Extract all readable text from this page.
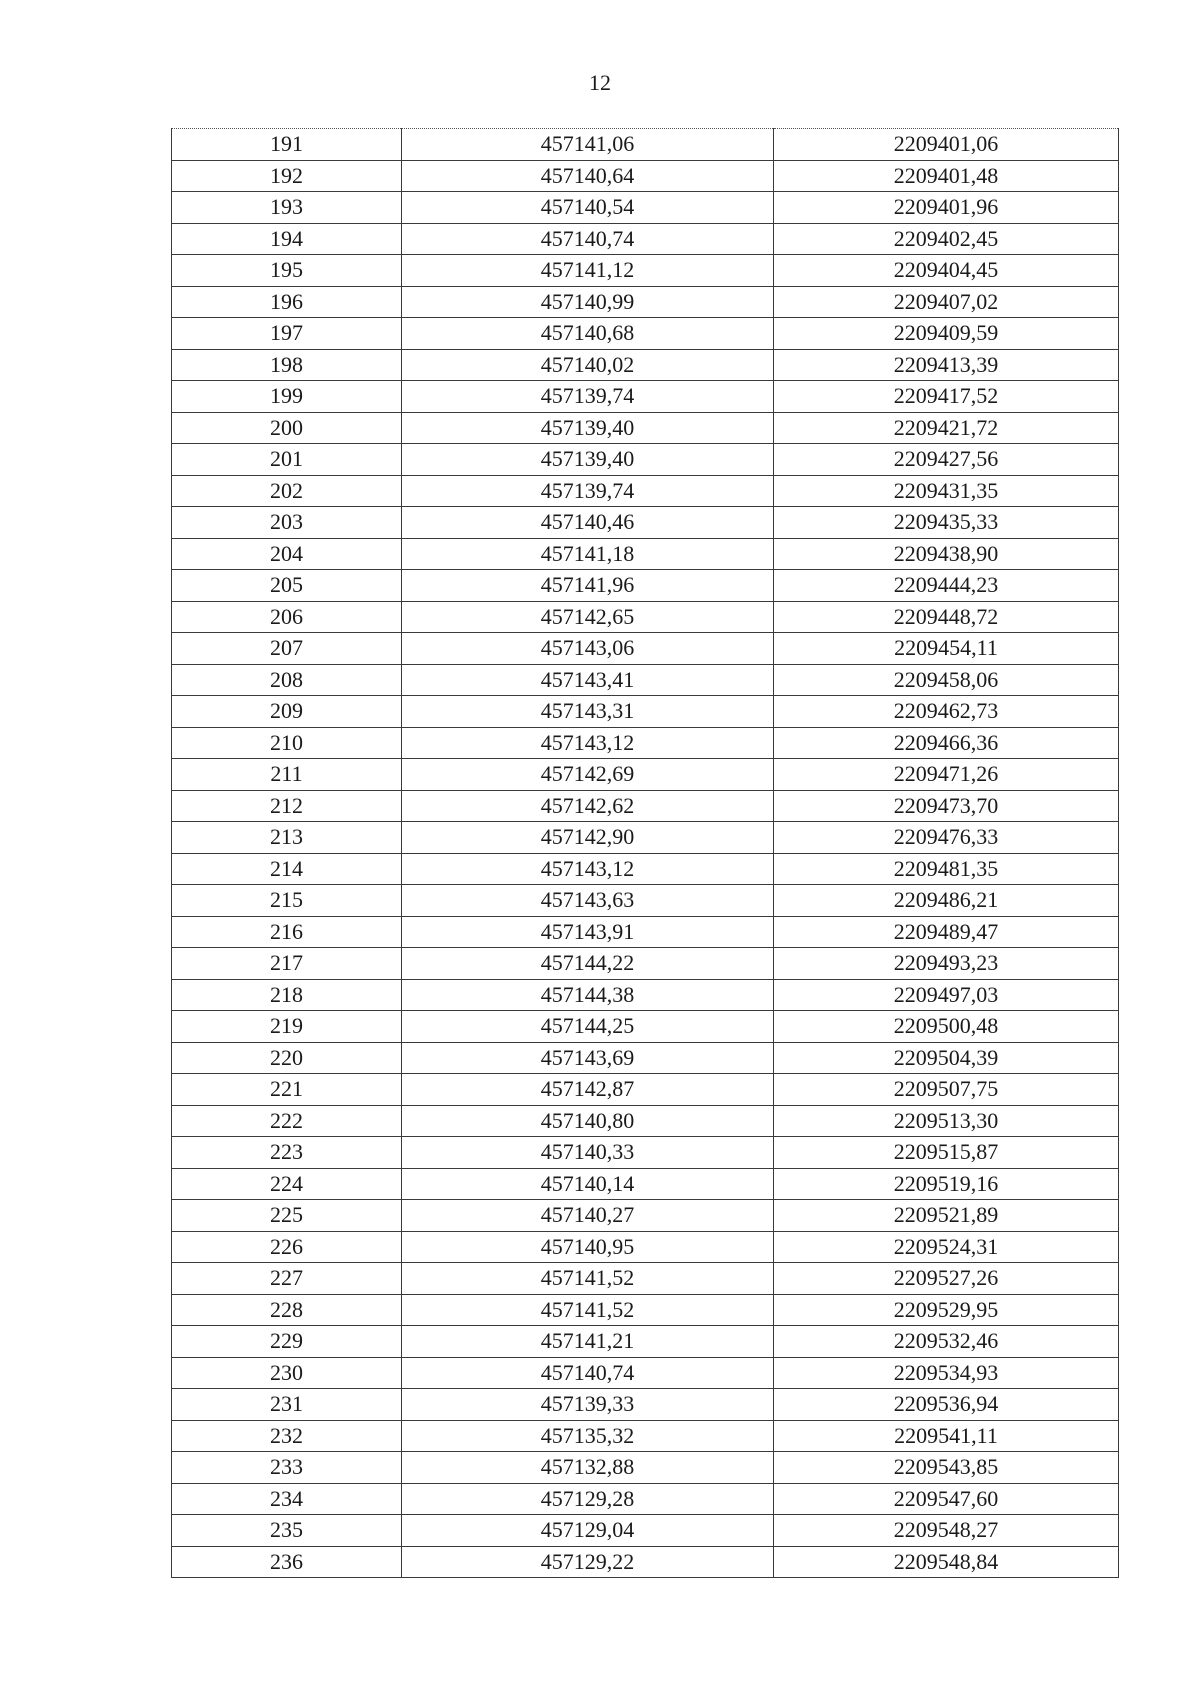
12
191	457141,06	2209401,06
192	457140,64	2209401,48
193	457140,54	2209401,96
194	457140,74	2209402,45
195	457141,12	2209404,45
196	457140,99	2209407,02
197	457140,68	2209409,59
198	457140,02	2209413,39
199	457139,74	2209417,52
200	457139,40	2209421,72
201	457139,40	2209427,56
202	457139,74	2209431,35
203	457140,46	2209435,33
204	457141,18	2209438,90
205	457141,96	2209444,23
206	457142,65	2209448,72
207	457143,06	2209454,11
208	457143,41	2209458,06
209	457143,31	2209462,73
210	457143,12	2209466,36
211	457142,69	2209471,26
212	457142,62	2209473,70
213	457142,90	2209476,33
214	457143,12	2209481,35
215	457143,63	2209486,21
216	457143,91	2209489,47
217	457144,22	2209493,23
218	457144,38	2209497,03
219	457144,25	2209500,48
220	457143,69	2209504,39
221	457142,87	2209507,75
222	457140,80	2209513,30
223	457140,33	2209515,87
224	457140,14	2209519,16
225	457140,27	2209521,89
226	457140,95	2209524,31
227	457141,52	2209527,26
228	457141,52	2209529,95
229	457141,21	2209532,46
230	457140,74	2209534,93
231	457139,33	2209536,94
232	457135,32	2209541,11
233	457132,88	2209543,85
234	457129,28	2209547,60
235	457129,04	2209548,27
236	457129,22	2209548,84
